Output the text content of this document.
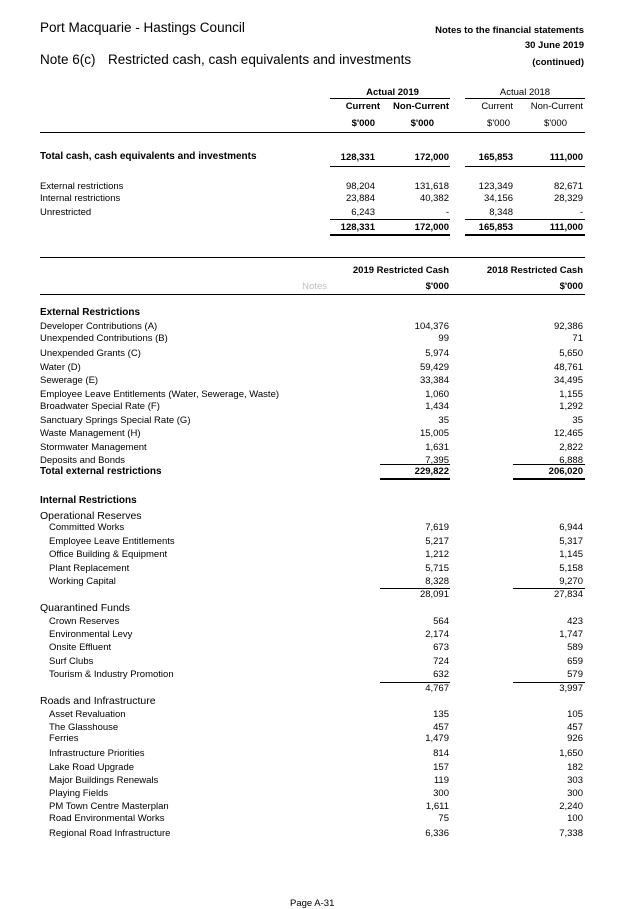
Port Macquarie - Hastings Council	Notes to the financial statements
30 June 2019
Note 6(c) Restricted cash, cash equivalents and investments	(continued)
Actual 2019	Actual 2018
Current	Non-Current	Current	Non-Current
$'000	$'000	$'000	$'000
Total cash, cash equivalents and investments	128,331	172,000	165,853	111,000
External restrictions	98,204	131,618	123,349	82,671
Internal restrictions	23,884	40,382	34,156	28,329
Unrestricted	6,243	-	8,348	-
128,331	172,000	165,853	111,000
2019 Restricted Cash	2018 Restricted Cash
Notes	$'000	$'000
External Restrictions
Developer Contributions (A)	104,376	92,386
Unexpended Contributions (B)	99	71
Unexpended Grants (C)	5,974	5,650
Water (D)	59,429	48,761
Sewerage (E)	33,384	34,495
Employee Leave Entitlements (Water, Sewerage, Waste)	1,060	1,155
Broadwater Special Rate (F)	1,434	1,292
Sanctuary Springs Special Rate (G)	35	35
Waste Management (H)	15,005	12,465
Stormwater Management	1,631	2,822
Deposits and Bonds	7,395	6,888
Total external restrictions	229,822	206,020
Internal Restrictions
Operational Reserves
Committed Works	7,619	6,944
Employee Leave Entitlements	5,217	5,317
Office Building & Equipment	1,212	1,145
Plant Replacement	5,715	5,158
Working Capital	8,328	9,270
28,091	27,834
Quarantined Funds
Crown Reserves	564	423
Environmental Levy	2,174	1,747
Onsite Effluent	673	589
Surf Clubs	724	659
Tourism & Industry Promotion	632	579
4,767	3,997
Roads and Infrastructure
Asset Revaluation	135	105
The Glasshouse	457	457
Ferries	1,479	926
Infrastructure Priorities	814	1,650
Lake Road Upgrade	157	182
Major Buildings Renewals	119	303
Playing Fields	300	300
PM Town Centre Masterplan	1,611	2,240
Road Environmental Works	75	100
Regional Road Infrastructure	6,336	7,338
Page A-31
